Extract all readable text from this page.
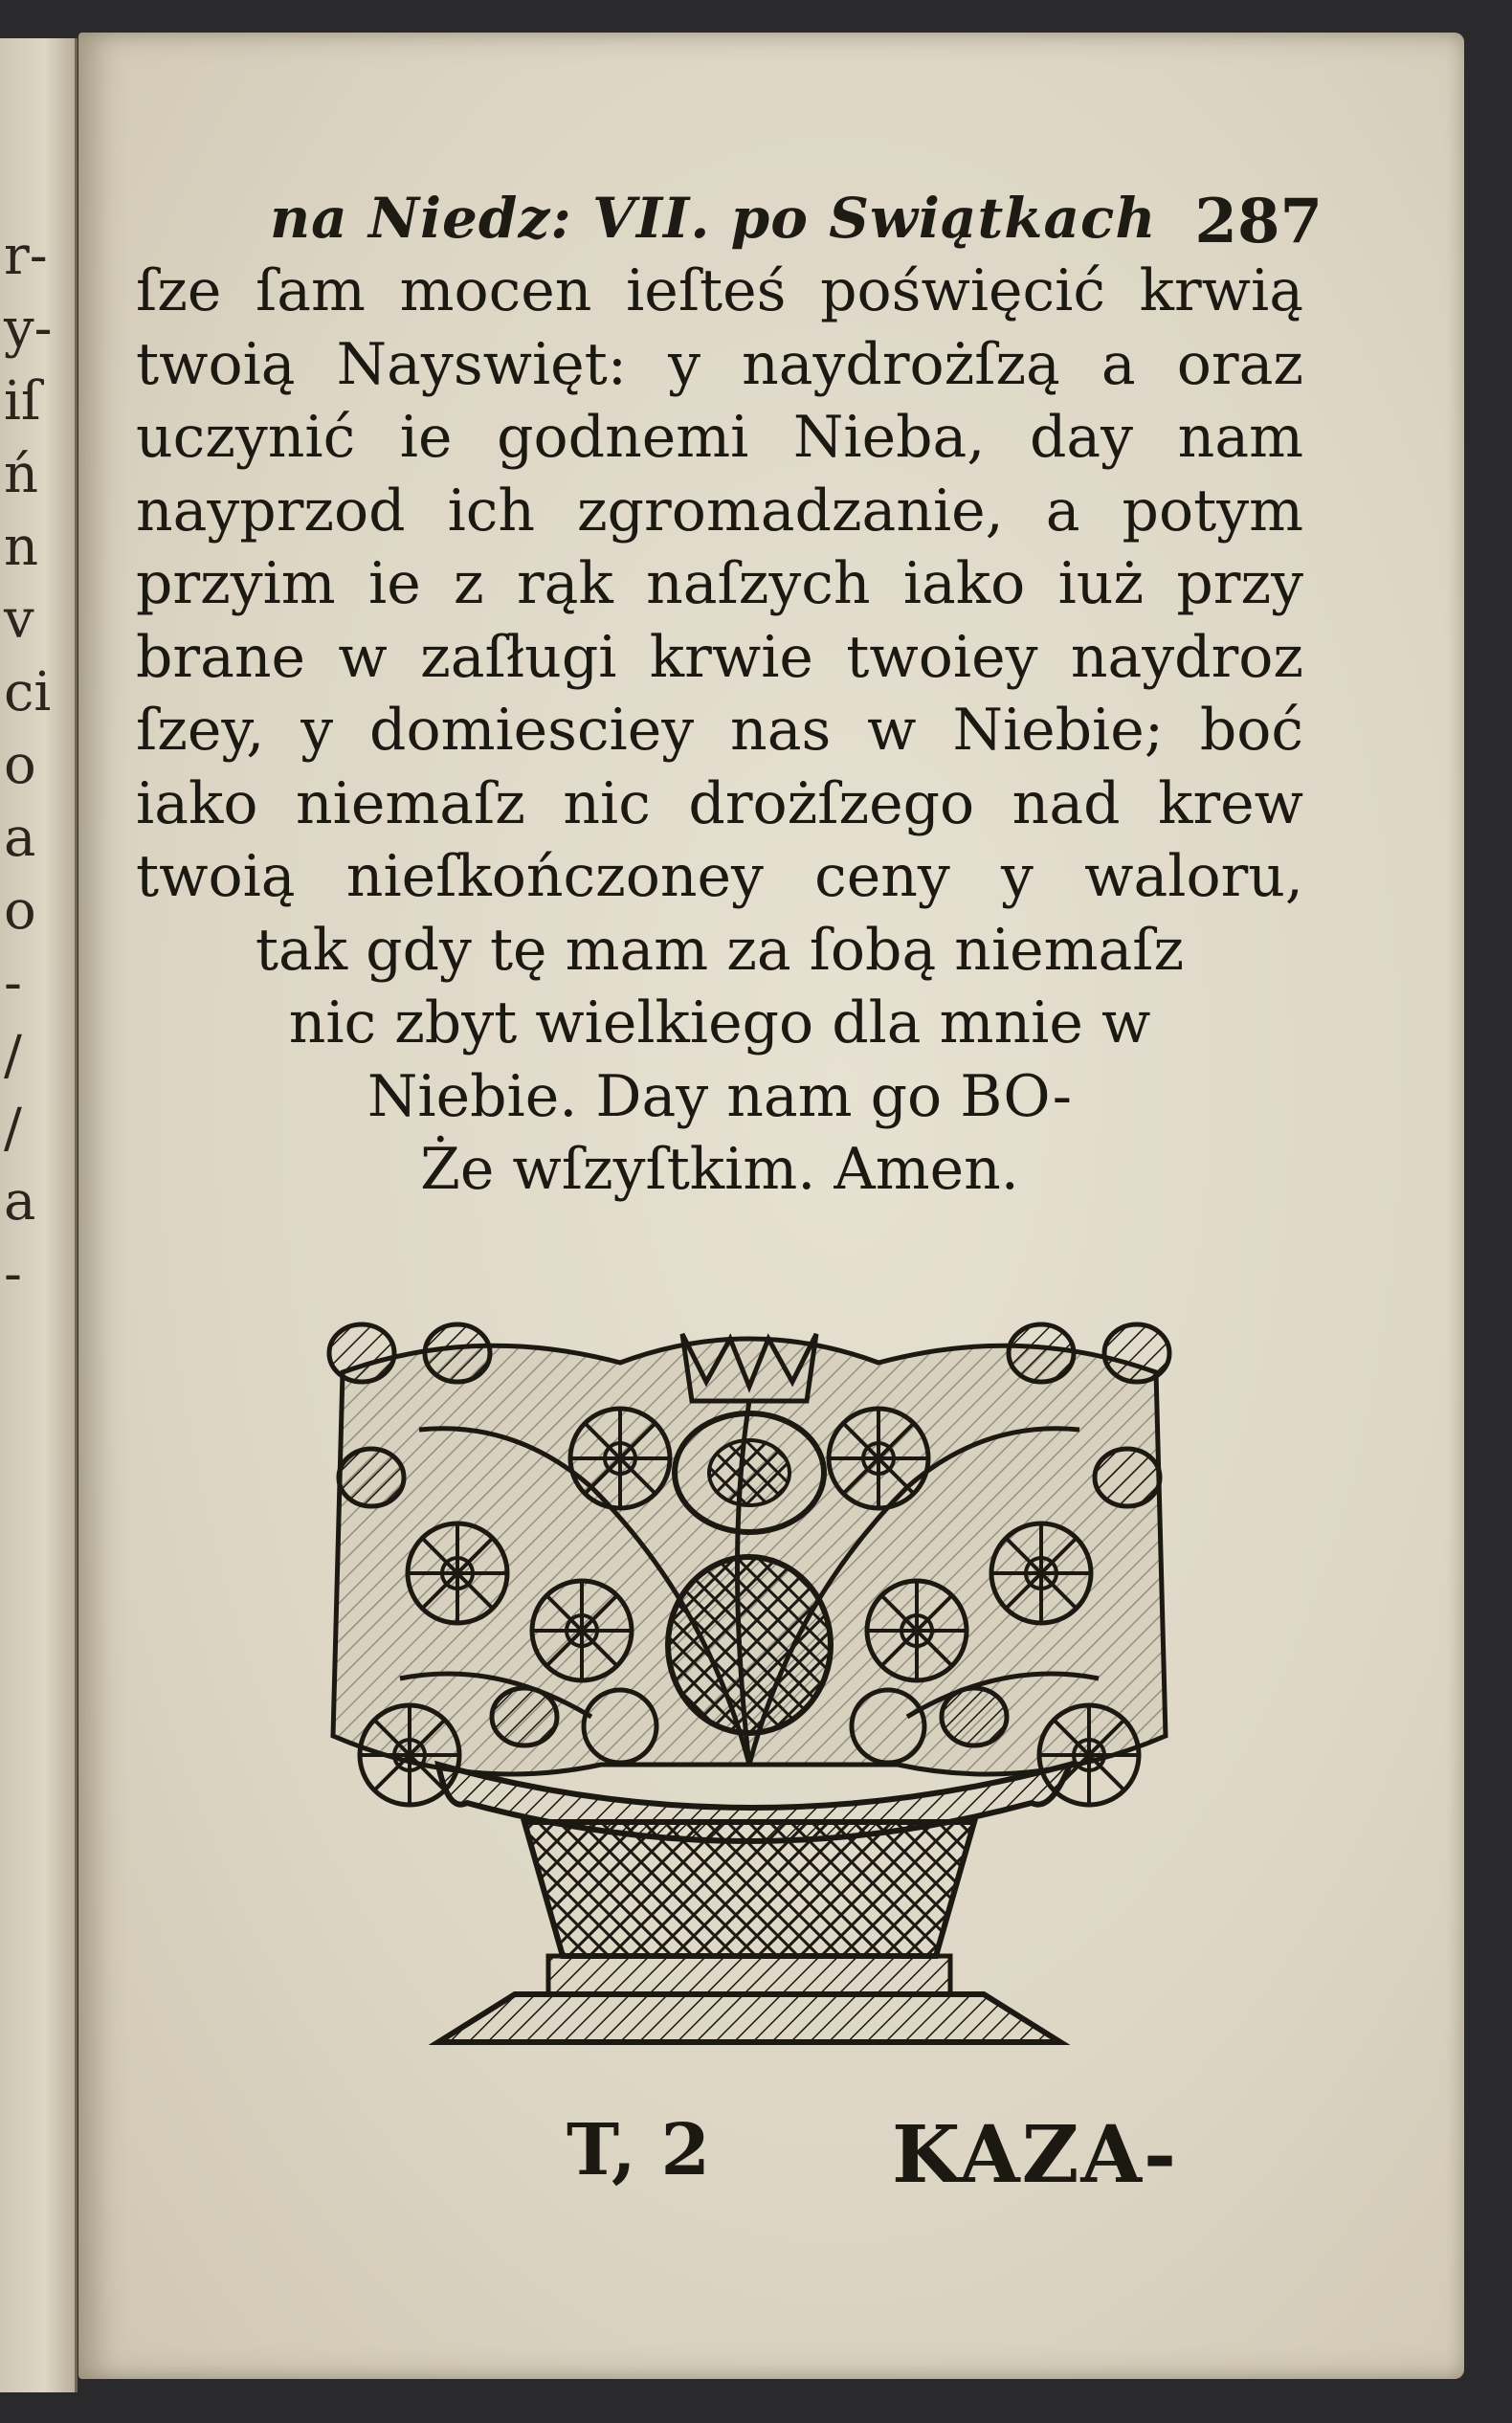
r-
y-
iſ
ń
n
v
ci
o
a
o
-
/
/
a
-
na Niedz: VII. po Swiątkach 287
ſze ſam mocen ieſteś poświęcić krwią
twoią Nayswięt: y naydrożſzą a oraz
uczynić ie godnemi Nieba, day nam
nayprzod ich zgromadzanie, a potym
przyim ie z rąk naſzych iako iuż przy
brane w zaſługi krwie twoiey naydroz
ſzey, y domiesciey nas w Niebie; boć
iako niemaſz nic drożſzego nad krew
twoią nieſkończoney ceny y waloru,
tak gdy tę mam za ſobą niemaſz
nic zbyt wielkiego dla mnie w
Niebie. Day nam go BO-
Że wſzyſtkim. Amen.
T, 2 KAZA-
